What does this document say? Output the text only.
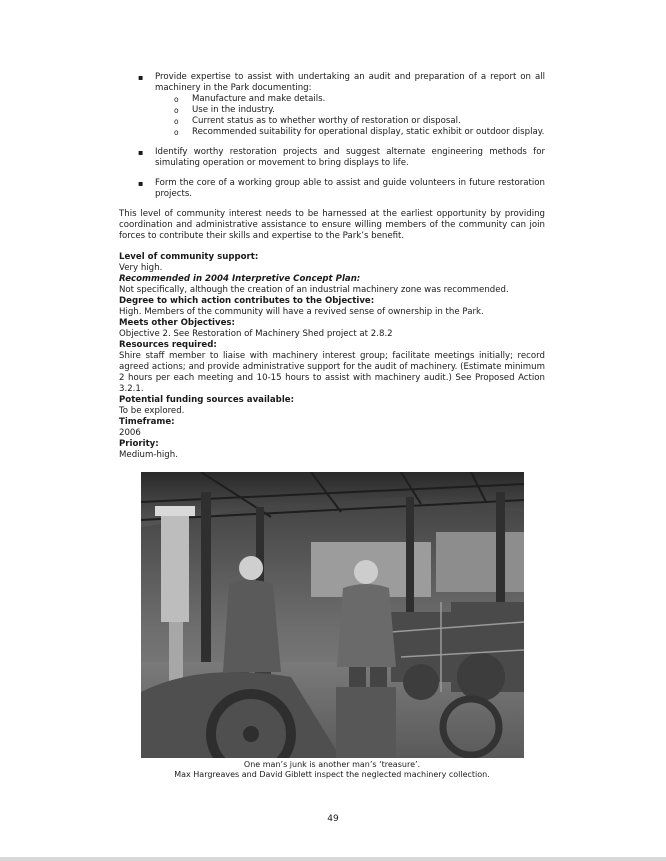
▪ Provide expertise to assist with undertaking an audit and preparation of a report on all machinery in the Park documenting:
o Manufacture and make details.
o Use in the industry.
o Current status as to whether worthy of restoration or disposal.
o Recommended suitability for operational display, static exhibit or outdoor display.
▪ Identify worthy restoration projects and suggest alternate engineering methods for simulating operation or movement to bring displays to life.
▪ Form the core of a working group able to assist and guide volunteers in future restoration projects.

This level of community interest needs to be harnessed at the earliest opportunity by providing coordination and administrative assistance to ensure willing members of the community can join forces to contribute their skills and expertise to the Park’s benefit.

Level of community support:
Very high.
Recommended in 2004 Interpretive Concept Plan:
Not specifically, although the creation of an industrial machinery zone was recommended.
Degree to which action contributes to the Objective:
High. Members of the community will have a revived sense of ownership in the Park.
Meets other Objectives:
Objective 2. See Restoration of Machinery Shed project at 2.8.2
Resources required:
Shire staff member to liaise with machinery interest group; facilitate meetings initially; record agreed actions; and provide administrative support for the audit of machinery. (Estimate minimum 2 hours per each meeting and 10-15 hours to assist with machinery audit.) See Proposed Action 3.2.1.
Potential funding sources available:
To be explored.
Timeframe:
2006
Priority:
Medium-high.
One man’s junk is another man’s ‘treasure’.
Max Hargreaves and David Giblett inspect the neglected machinery collection.
49
